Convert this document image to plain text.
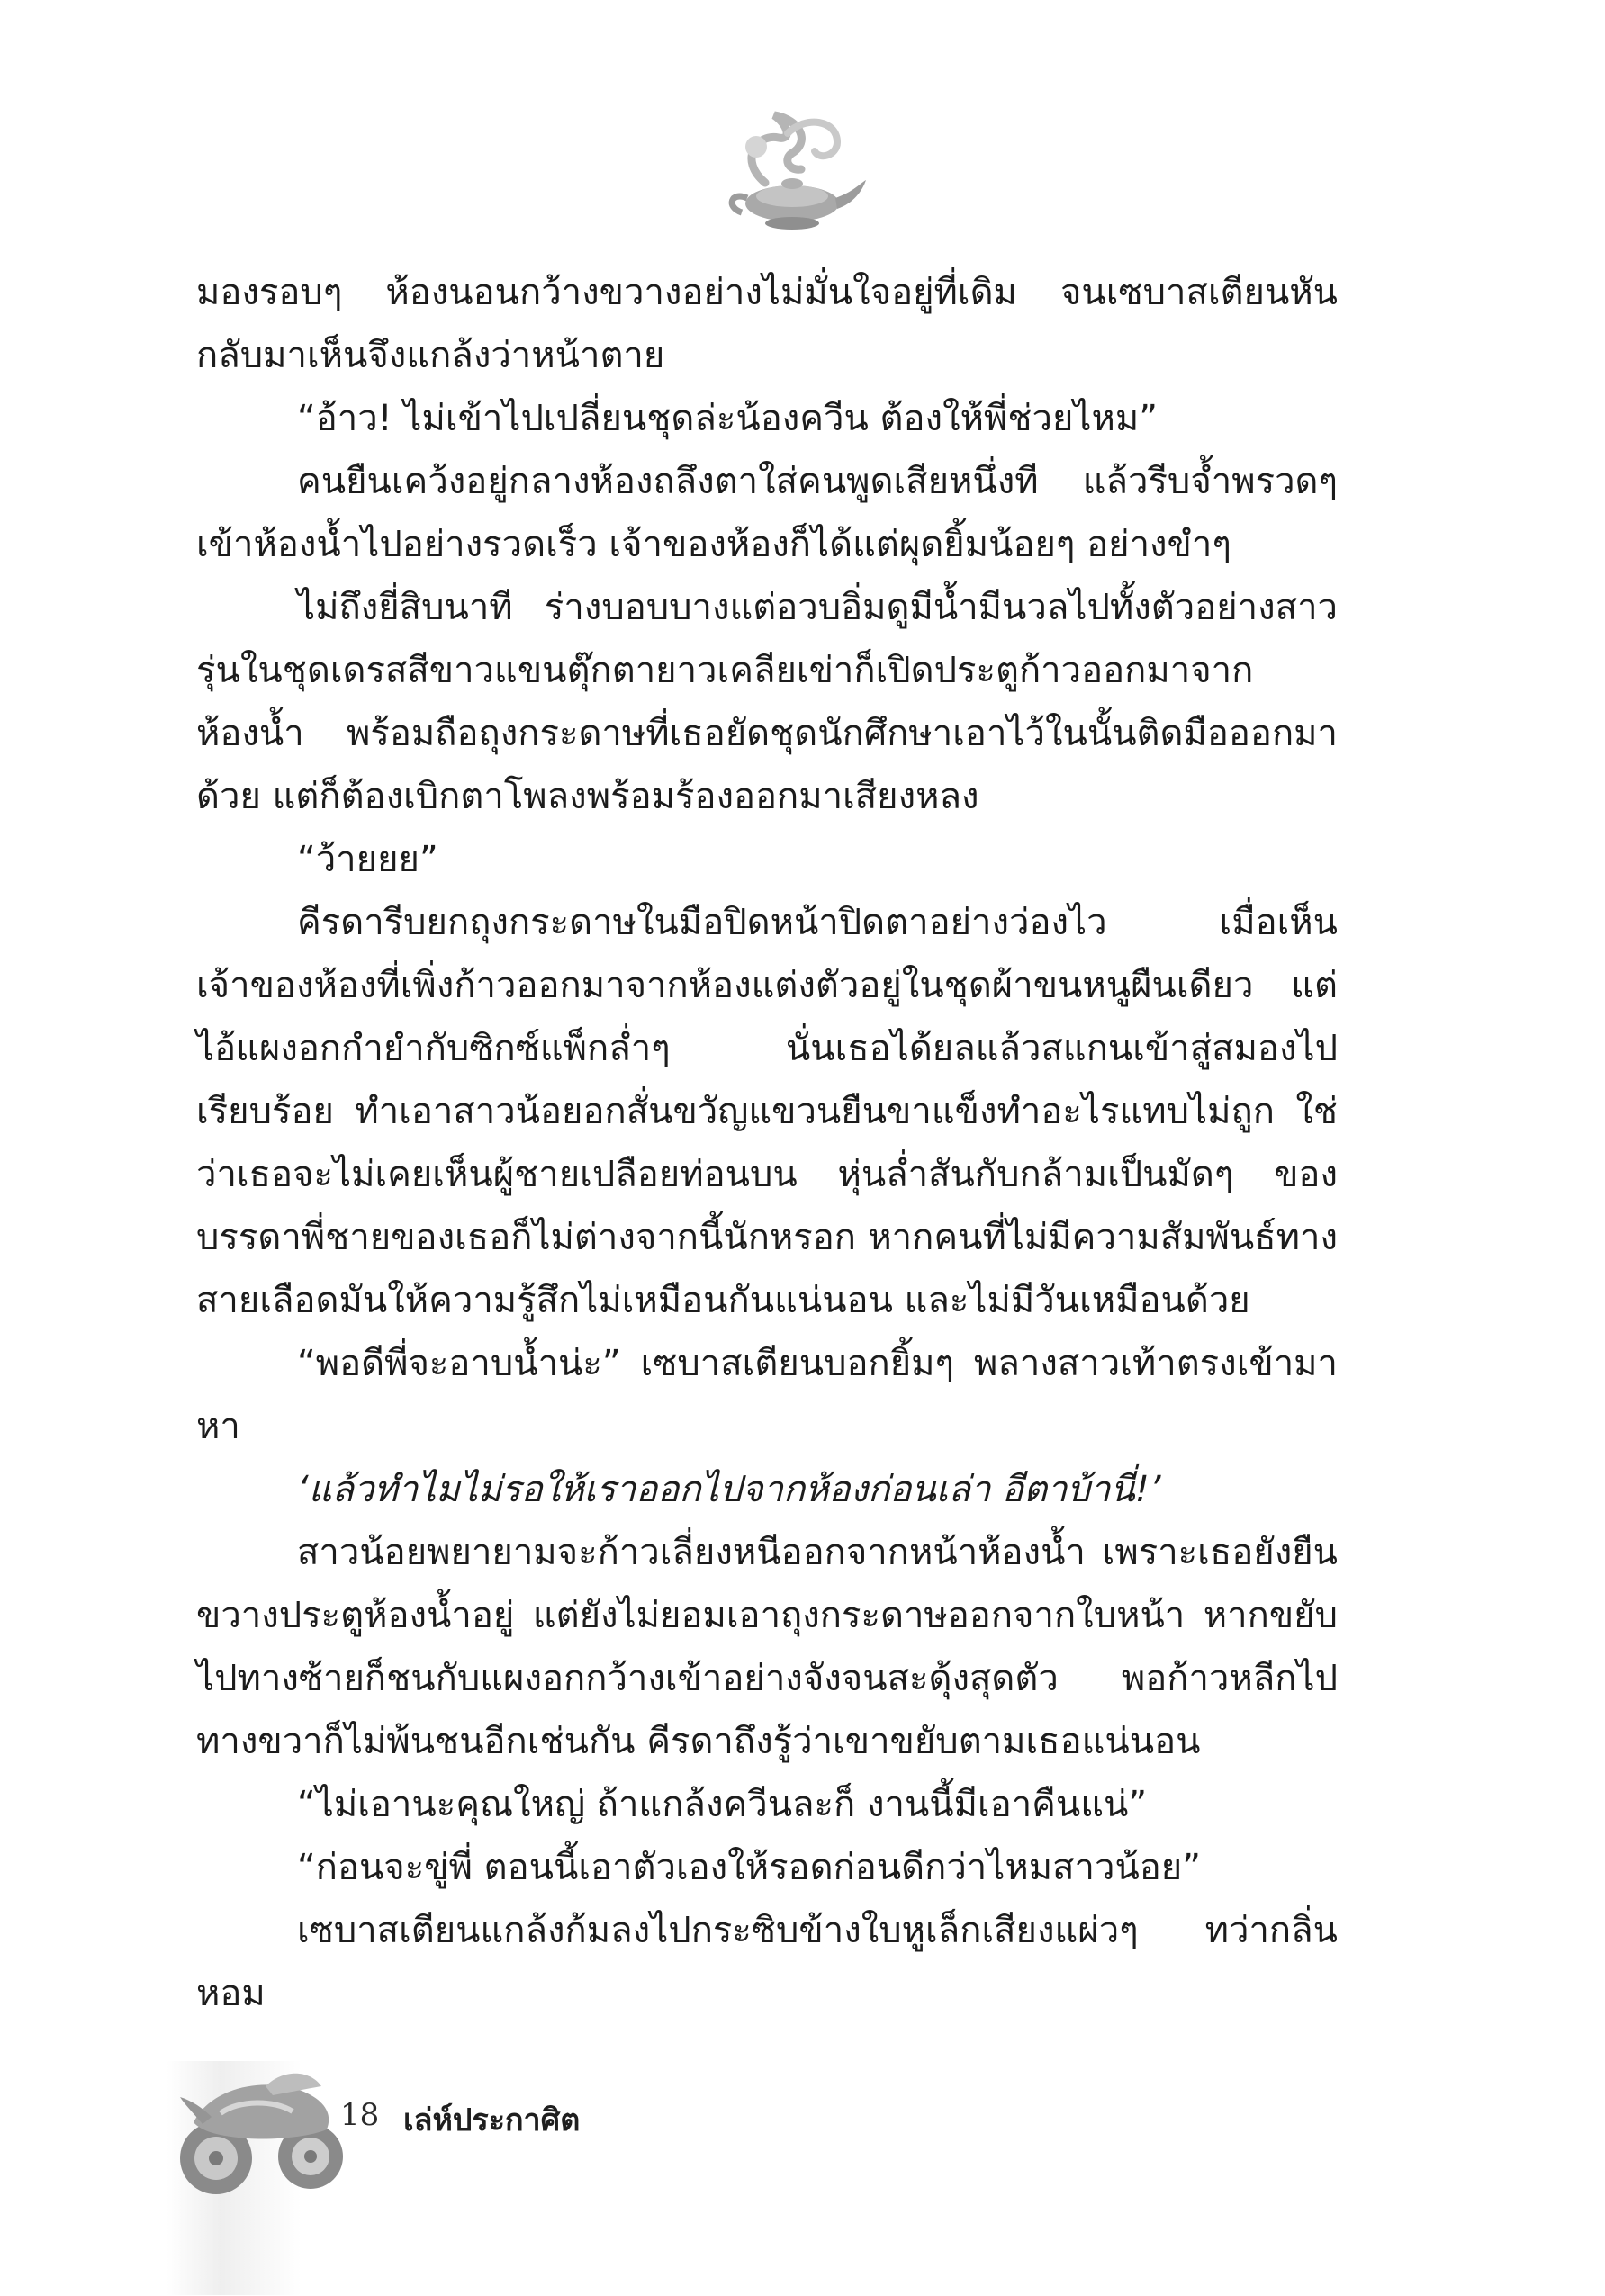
มองรอบๆ ห้องนอนกว้างขวางอย่างไม่มั่นใจอยู่ที่เดิม จนเซบาสเตียนหันกลับมาเห็นจึงแกล้งว่าหน้าตาย

“อ้าว! ไม่เข้าไปเปลี่ยนชุดล่ะน้องควีน ต้องให้พี่ช่วยไหม”

คนยืนเคว้งอยู่กลางห้องถลึงตาใส่คนพูดเสียหนึ่งที แล้วรีบจ้ำพรวดๆ เข้าห้องน้ำไปอย่างรวดเร็ว เจ้าของห้องก็ได้แต่ผุดยิ้มน้อยๆ อย่างขำๆ

ไม่ถึงยี่สิบนาที ร่างบอบบางแต่อวบอิ่มดูมีน้ำมีนวลไปทั้งตัวอย่างสาวรุ่นในชุดเดรสสีขาวแขนตุ๊กตายาวเคลียเข่าก็เปิดประตูก้าวออกมาจากห้องน้ำ พร้อมถือถุงกระดาษที่เธอยัดชุดนักศึกษาเอาไว้ในนั้นติดมือออกมาด้วย แต่ก็ต้องเบิกตาโพลงพร้อมร้องออกมาเสียงหลง

“ว้ายยย”

คีรดารีบยกถุงกระดาษในมือปิดหน้าปิดตาอย่างว่องไว เมื่อเห็นเจ้าของห้องที่เพิ่งก้าวออกมาจากห้องแต่งตัวอยู่ในชุดผ้าขนหนูผืนเดียว แต่ไอ้แผงอกกำยำกับซิกซ์แพ็กล่ำๆ นั่นเธอได้ยลแล้วสแกนเข้าสู่สมองไปเรียบร้อย ทำเอาสาวน้อยอกสั่นขวัญแขวนยืนขาแข็งทำอะไรแทบไม่ถูก ใช่ว่าเธอจะไม่เคยเห็นผู้ชายเปลือยท่อนบน หุ่นล่ำสันกับกล้ามเป็นมัดๆ ของบรรดาพี่ชายของเธอก็ไม่ต่างจากนี้นักหรอก หากคนที่ไม่มีความสัมพันธ์ทางสายเลือดมันให้ความรู้สึกไม่เหมือนกันแน่นอน และไม่มีวันเหมือนด้วย

“พอดีพี่จะอาบน้ำน่ะ” เซบาสเตียนบอกยิ้มๆ พลางสาวเท้าตรงเข้ามาหา

‘แล้วทำไมไม่รอให้เราออกไปจากห้องก่อนเล่า อีตาบ้านี่!’

สาวน้อยพยายามจะก้าวเลี่ยงหนีออกจากหน้าห้องน้ำ เพราะเธอยังยืนขวางประตูห้องน้ำอยู่ แต่ยังไม่ยอมเอาถุงกระดาษออกจากใบหน้า หากขยับไปทางซ้ายก็ชนกับแผงอกกว้างเข้าอย่างจังจนสะดุ้งสุดตัว พอก้าวหลีกไปทางขวาก็ไม่พ้นชนอีกเช่นกัน คีรดาถึงรู้ว่าเขาขยับตามเธอแน่นอน

“ไม่เอานะคุณใหญ่ ถ้าแกล้งควีนละก็ งานนี้มีเอาคืนแน่”

“ก่อนจะขู่พี่ ตอนนี้เอาตัวเองให้รอดก่อนดีกว่าไหมสาวน้อย”

เซบาสเตียนแกล้งก้มลงไปกระซิบข้างใบหูเล็กเสียงแผ่วๆ ทว่ากลิ่นหอม

18 เล่ห์ประกาศิต
